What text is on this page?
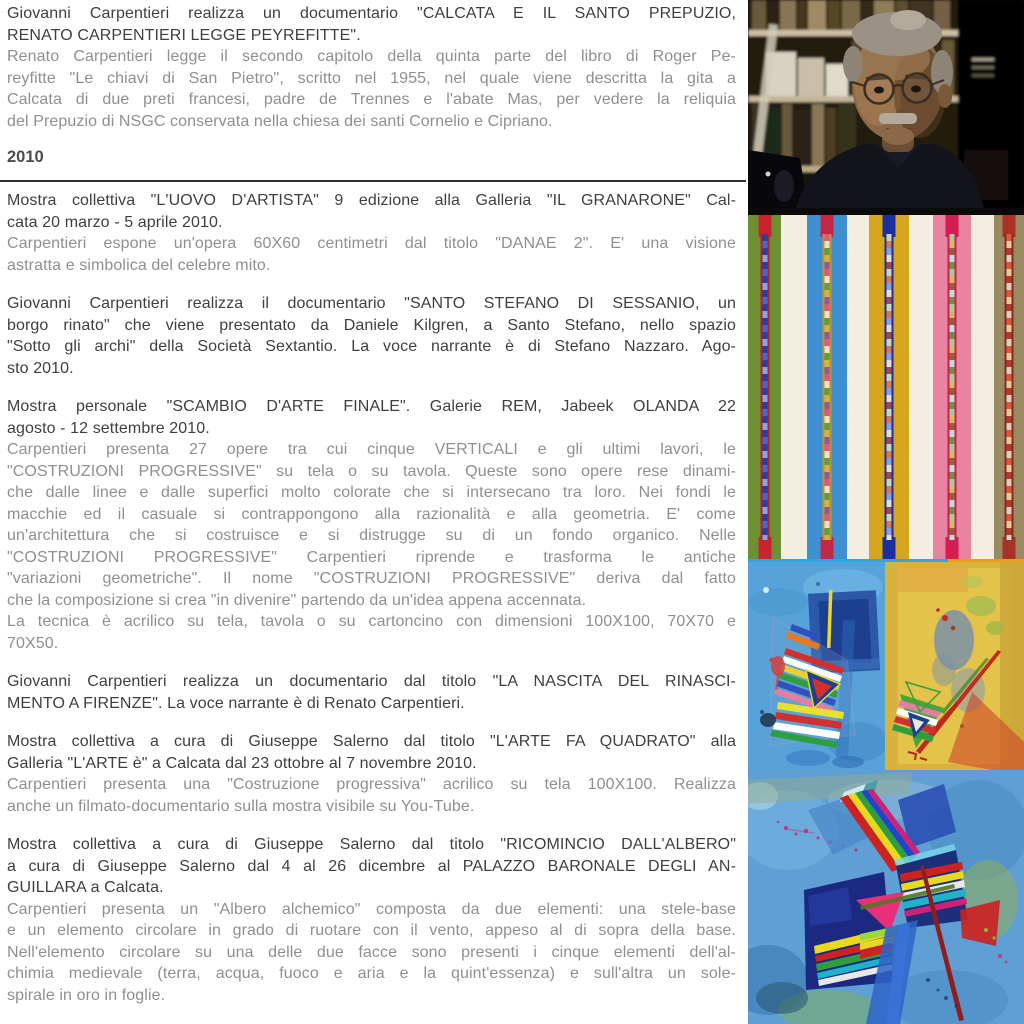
Giovanni Carpentieri realizza un documentario "CALCATA E IL SANTO PREPUZIO,
RENATO CARPENTIERI LEGGE PEYREFITTE".
Renato Carpentieri legge il secondo capitolo della quinta parte del libro di Roger Pe-
reyfitte "Le chiavi di San Pietro", scritto nel 1955, nel quale viene descritta la gita a
Calcata di due preti francesi, padre de Trennes e l'abate Mas, per vedere la reliquia
del Prepuzio di NSGC conservata nella chiesa dei santi Cornelio e Cipriano.
2010
Mostra collettiva "L'UOVO D'ARTISTA" 9 edizione alla Galleria "IL GRANARONE" Cal-
cata 20 marzo - 5 aprile 2010.
Carpentieri espone un'opera 60X60 centimetri dal titolo "DANAE 2". E' una visione
astratta e simbolica del celebre mito.
Giovanni Carpentieri realizza il documentario "SANTO STEFANO DI SESSANIO, un
borgo rinato" che viene presentato da Daniele Kilgren, a Santo Stefano, nello spazio
"Sotto gli archi" della Società Sextantio. La voce narrante è di Stefano Nazzaro. Ago-
sto 2010.
Mostra personale "SCAMBIO D'ARTE FINALE". Galerie REM, Jabeek OLANDA 22
agosto - 12 settembre 2010.
Carpentieri presenta 27 opere tra cui cinque VERTICALI e gli ultimi lavori, le
"COSTRUZIONI PROGRESSIVE" su tela o su tavola. Queste sono opere rese dinami-
che dalle linee e dalle superfici molto colorate che si intersecano tra loro. Nei fondi le
macchie ed il casuale si contrappongono alla razionalità e alla geometria. E' come
un'architettura che si costruisce e si distrugge su di un fondo organico. Nelle
"COSTRUZIONI PROGRESSIVE" Carpentieri riprende e trasforma le antiche
"variazioni geometriche". Il nome "COSTRUZIONI PROGRESSIVE" deriva dal fatto
che la composizione si crea "in divenire" partendo da un'idea appena accennata.
La tecnica è acrilico su tela, tavola o su cartoncino con dimensioni 100X100, 70X70 e
70X50.
Giovanni Carpentieri realizza un documentario dal titolo "LA NASCITA DEL RINASCI-
MENTO A FIRENZE". La voce narrante è di Renato Carpentieri.
Mostra collettiva a cura di Giuseppe Salerno dal titolo "L'ARTE FA QUADRATO" alla
Galleria "L'ARTE è" a Calcata dal 23 ottobre al 7 novembre 2010.
Carpentieri presenta una "Costruzione progressiva" acrilico su tela 100X100. Realizza
anche un filmato-documentario sulla mostra visibile su You-Tube.
Mostra collettiva a cura di Giuseppe Salerno dal titolo "RICOMINCIO DALL'ALBERO"
a cura di Giuseppe Salerno dal 4 al 26 dicembre al PALAZZO BARONALE DEGLI AN-
GUILLARA a Calcata.
Carpentieri presenta un "Albero alchemico" composta da due elementi: una stele-base
e un elemento circolare in grado di ruotare con il vento, appeso al di sopra della base.
Nell'elemento circolare su una delle due facce sono presenti i cinque elementi dell'al-
chimia medievale (terra, acqua, fuoco e aria e la quint'essenza) e sull'altra un sole-
spirale in oro in foglie.
